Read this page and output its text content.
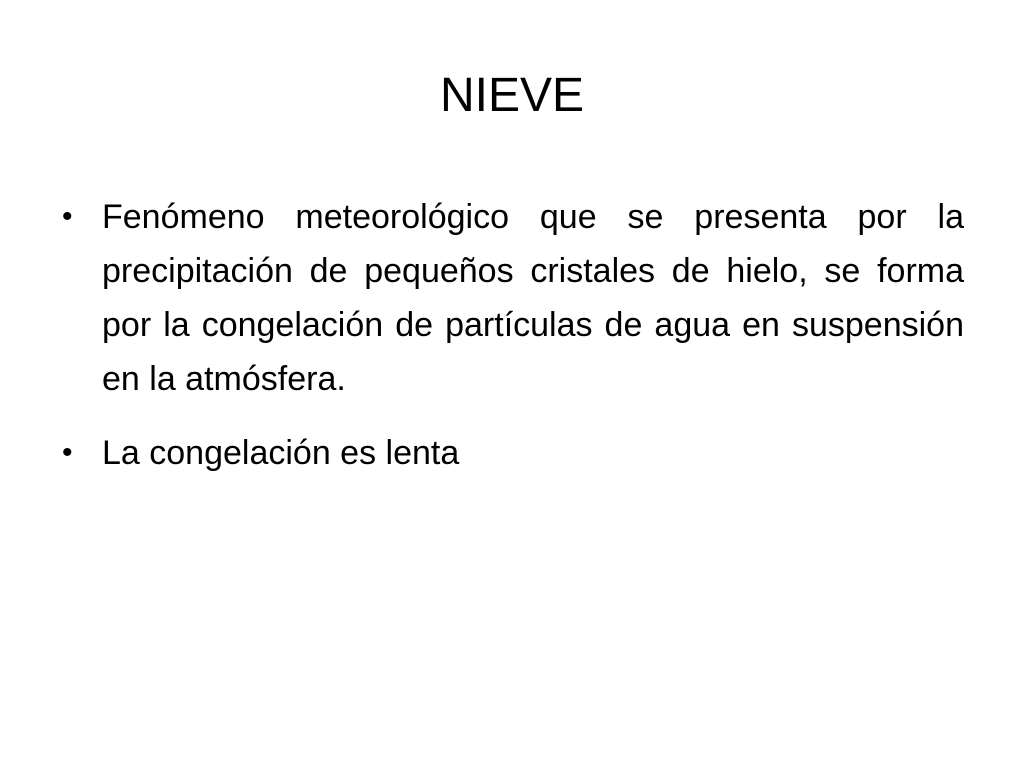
NIEVE
• Fenómeno meteorológico que se presenta por la precipitación de pequeños cristales de hielo, se forma por la congelación de partículas de agua en suspensión en la atmósfera.
• La congelación es lenta
